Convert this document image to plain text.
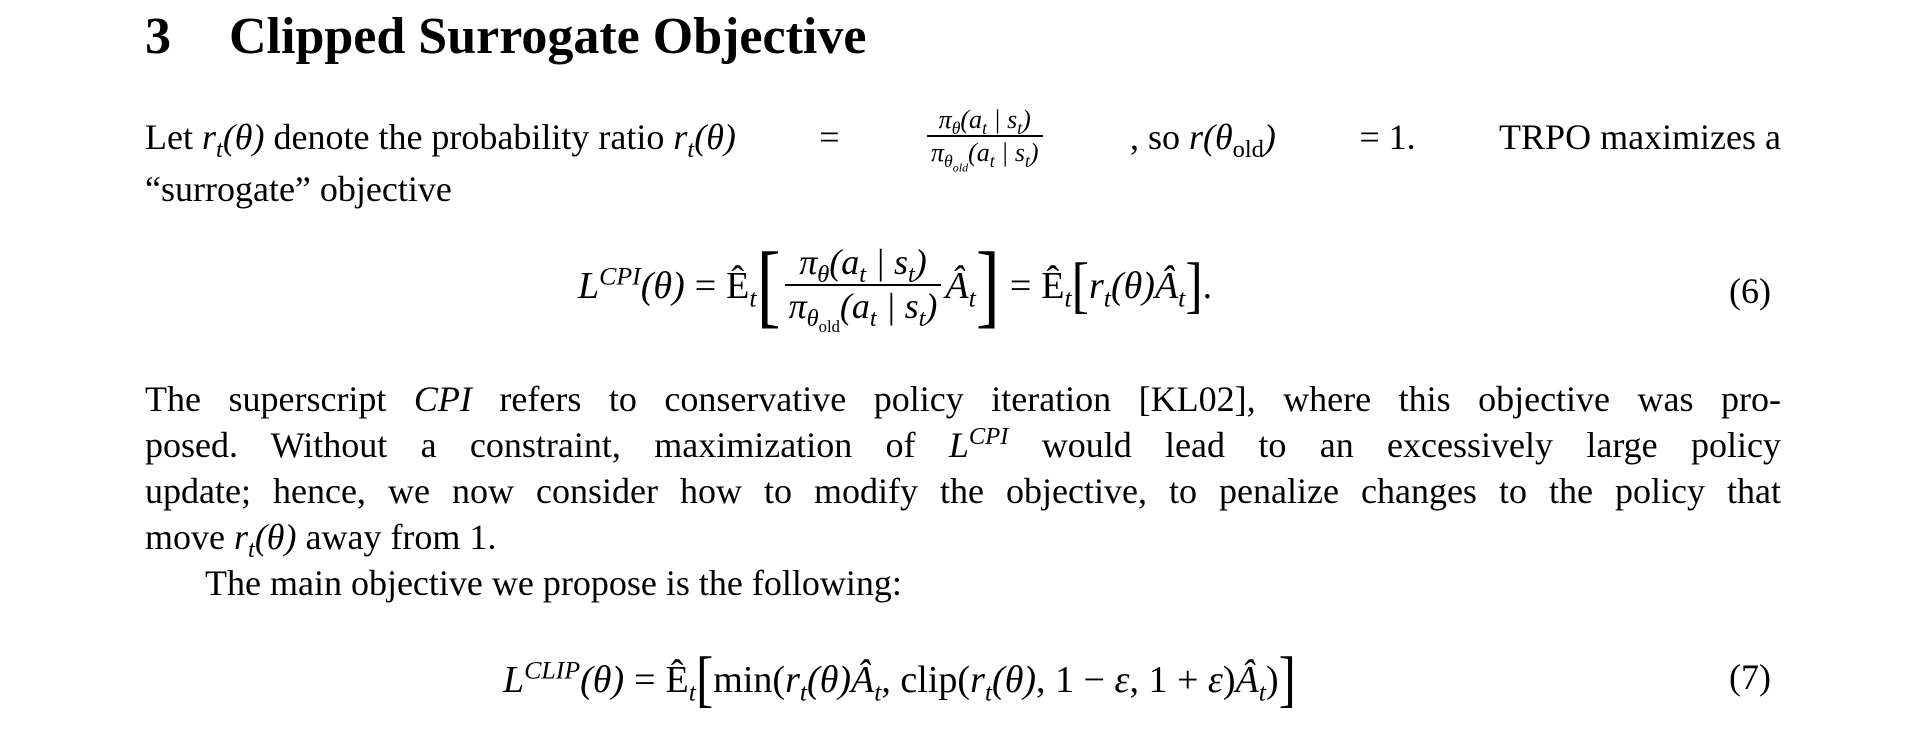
3 Clipped Surrogate Objective
Let $r_t(\theta)$ denote the probability ratio $r_t(\theta)$ =	$\frac{\pi_\theta(a_t | s_t)}{\pi_{\theta_{old}}(a_t | s_t)}$ , so $r(\theta_{old}) = 1$. TRPO maximizes a
“surrogate” objective
$L^{CPI}(\theta)$ = $Ê_t$ [ $\frac{\pi_\theta(a_t | s_t)}{\pi_{\theta_{old}}(a_t | s_t)}$ $Â_t$ ] = $Ê_t$ [ $r_t(\theta)Â_t$ ] .	(6)
The superscript CPI refers to conservative policy iteration [KL02], where this objective was pro-
posed. Without a constraint, maximization of $L^{CPI}$ would lead to an excessively large policy
update; hence, we now consider how to modify the objective, to penalize changes to the policy that
move $r_t(\theta)$ away from 1.
The main objective we propose is the following:
$L^{CLIP}(\theta)$ = $Ê_t$ [ $\min(r_t(\theta)Â_t$, $clip(r_t(\theta)$, 1 − ε, $1 + \varepsilon)Â_t$) ]	(7)
